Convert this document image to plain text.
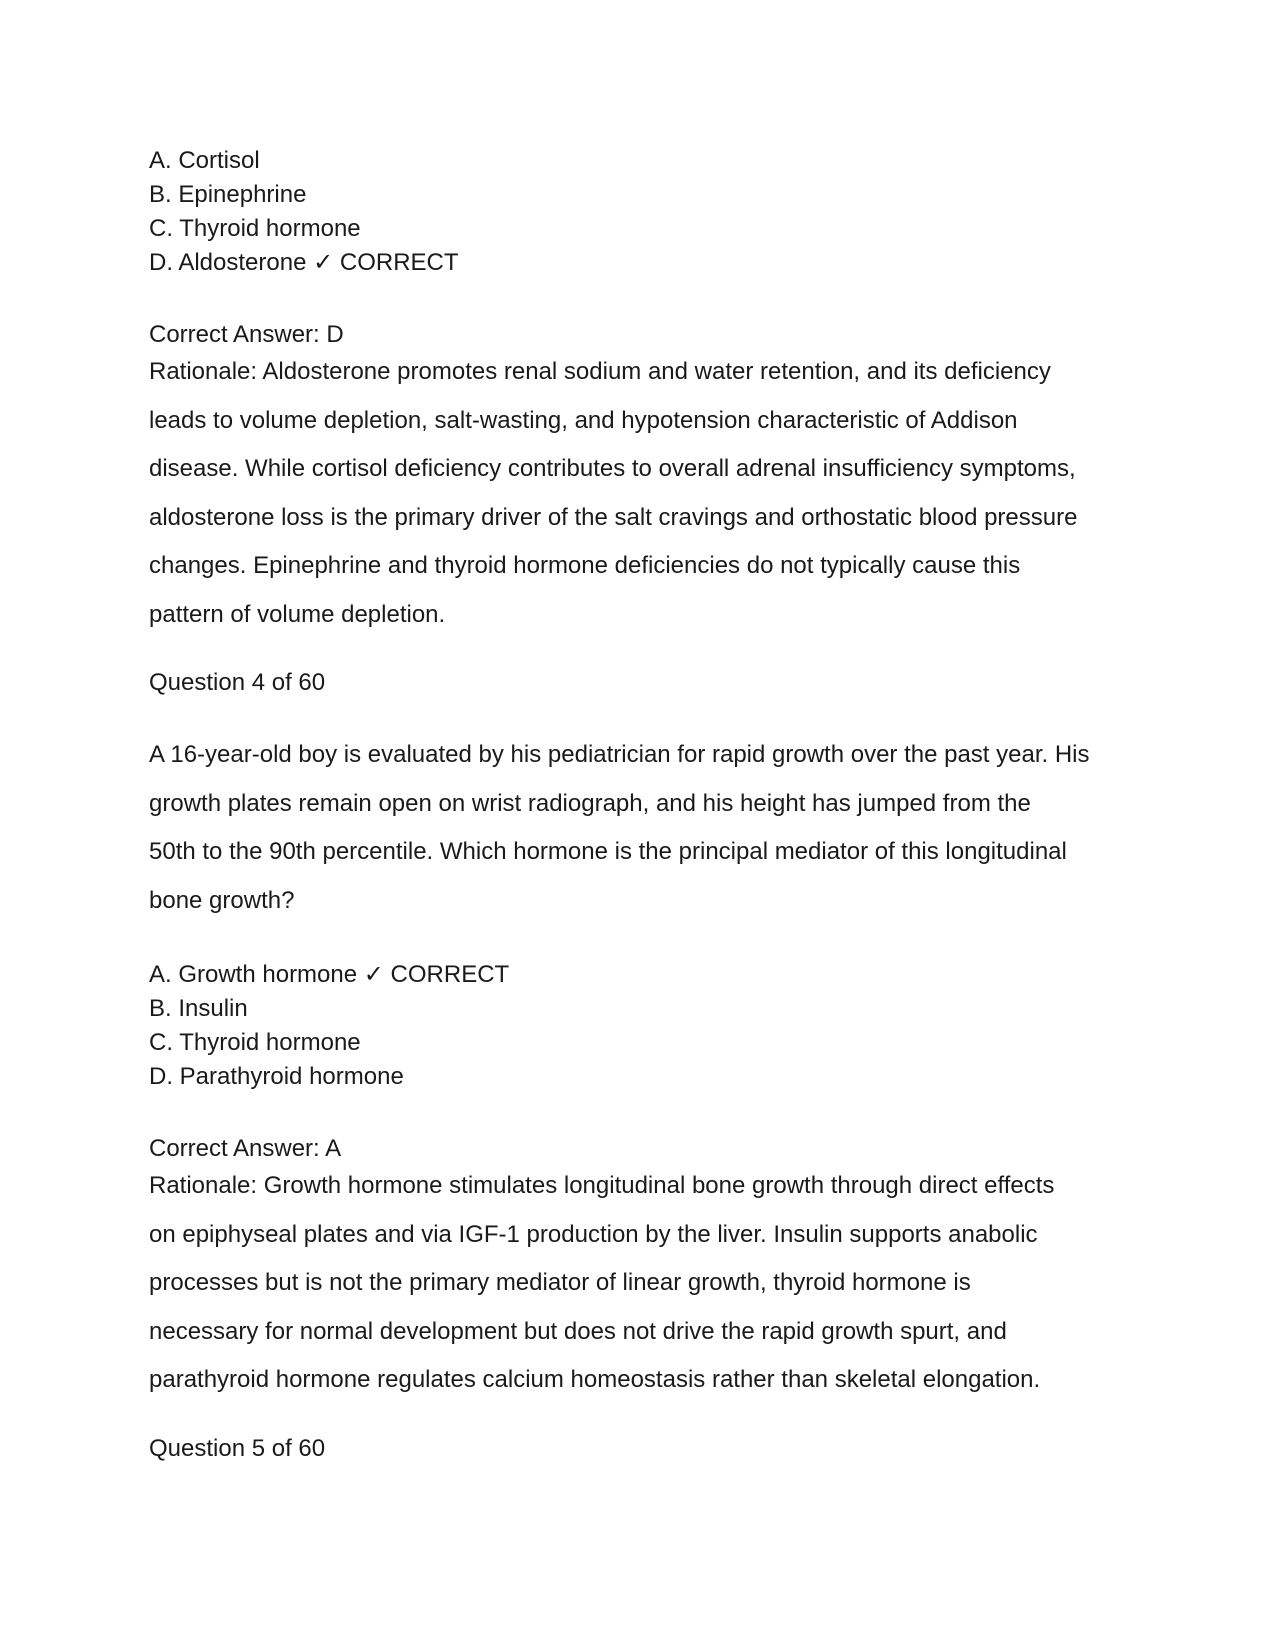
A. Cortisol

B. Epinephrine

C. Thyroid hormone

D. Aldosterone ✓ CORRECT

Correct Answer: D

Rationale: Aldosterone promotes renal sodium and water retention, and its deficiency
leads to volume depletion, salt-wasting, and hypotension characteristic of Addison
disease. While cortisol deficiency contributes to overall adrenal insufficiency symptoms,
aldosterone loss is the primary driver of the salt cravings and orthostatic blood pressure
changes. Epinephrine and thyroid hormone deficiencies do not typically cause this
pattern of volume depletion.

Question 4 of 60

A 16-year-old boy is evaluated by his pediatrician for rapid growth over the past year. His
growth plates remain open on wrist radiograph, and his height has jumped from the
50th to the 90th percentile. Which hormone is the principal mediator of this longitudinal
bone growth?

A. Growth hormone ✓ CORRECT

B. Insulin

C. Thyroid hormone

D. Parathyroid hormone

Correct Answer: A

Rationale: Growth hormone stimulates longitudinal bone growth through direct effects
on epiphyseal plates and via IGF-1 production by the liver. Insulin supports anabolic
processes but is not the primary mediator of linear growth, thyroid hormone is
necessary for normal development but does not drive the rapid growth spurt, and
parathyroid hormone regulates calcium homeostasis rather than skeletal elongation.

Question 5 of 60
